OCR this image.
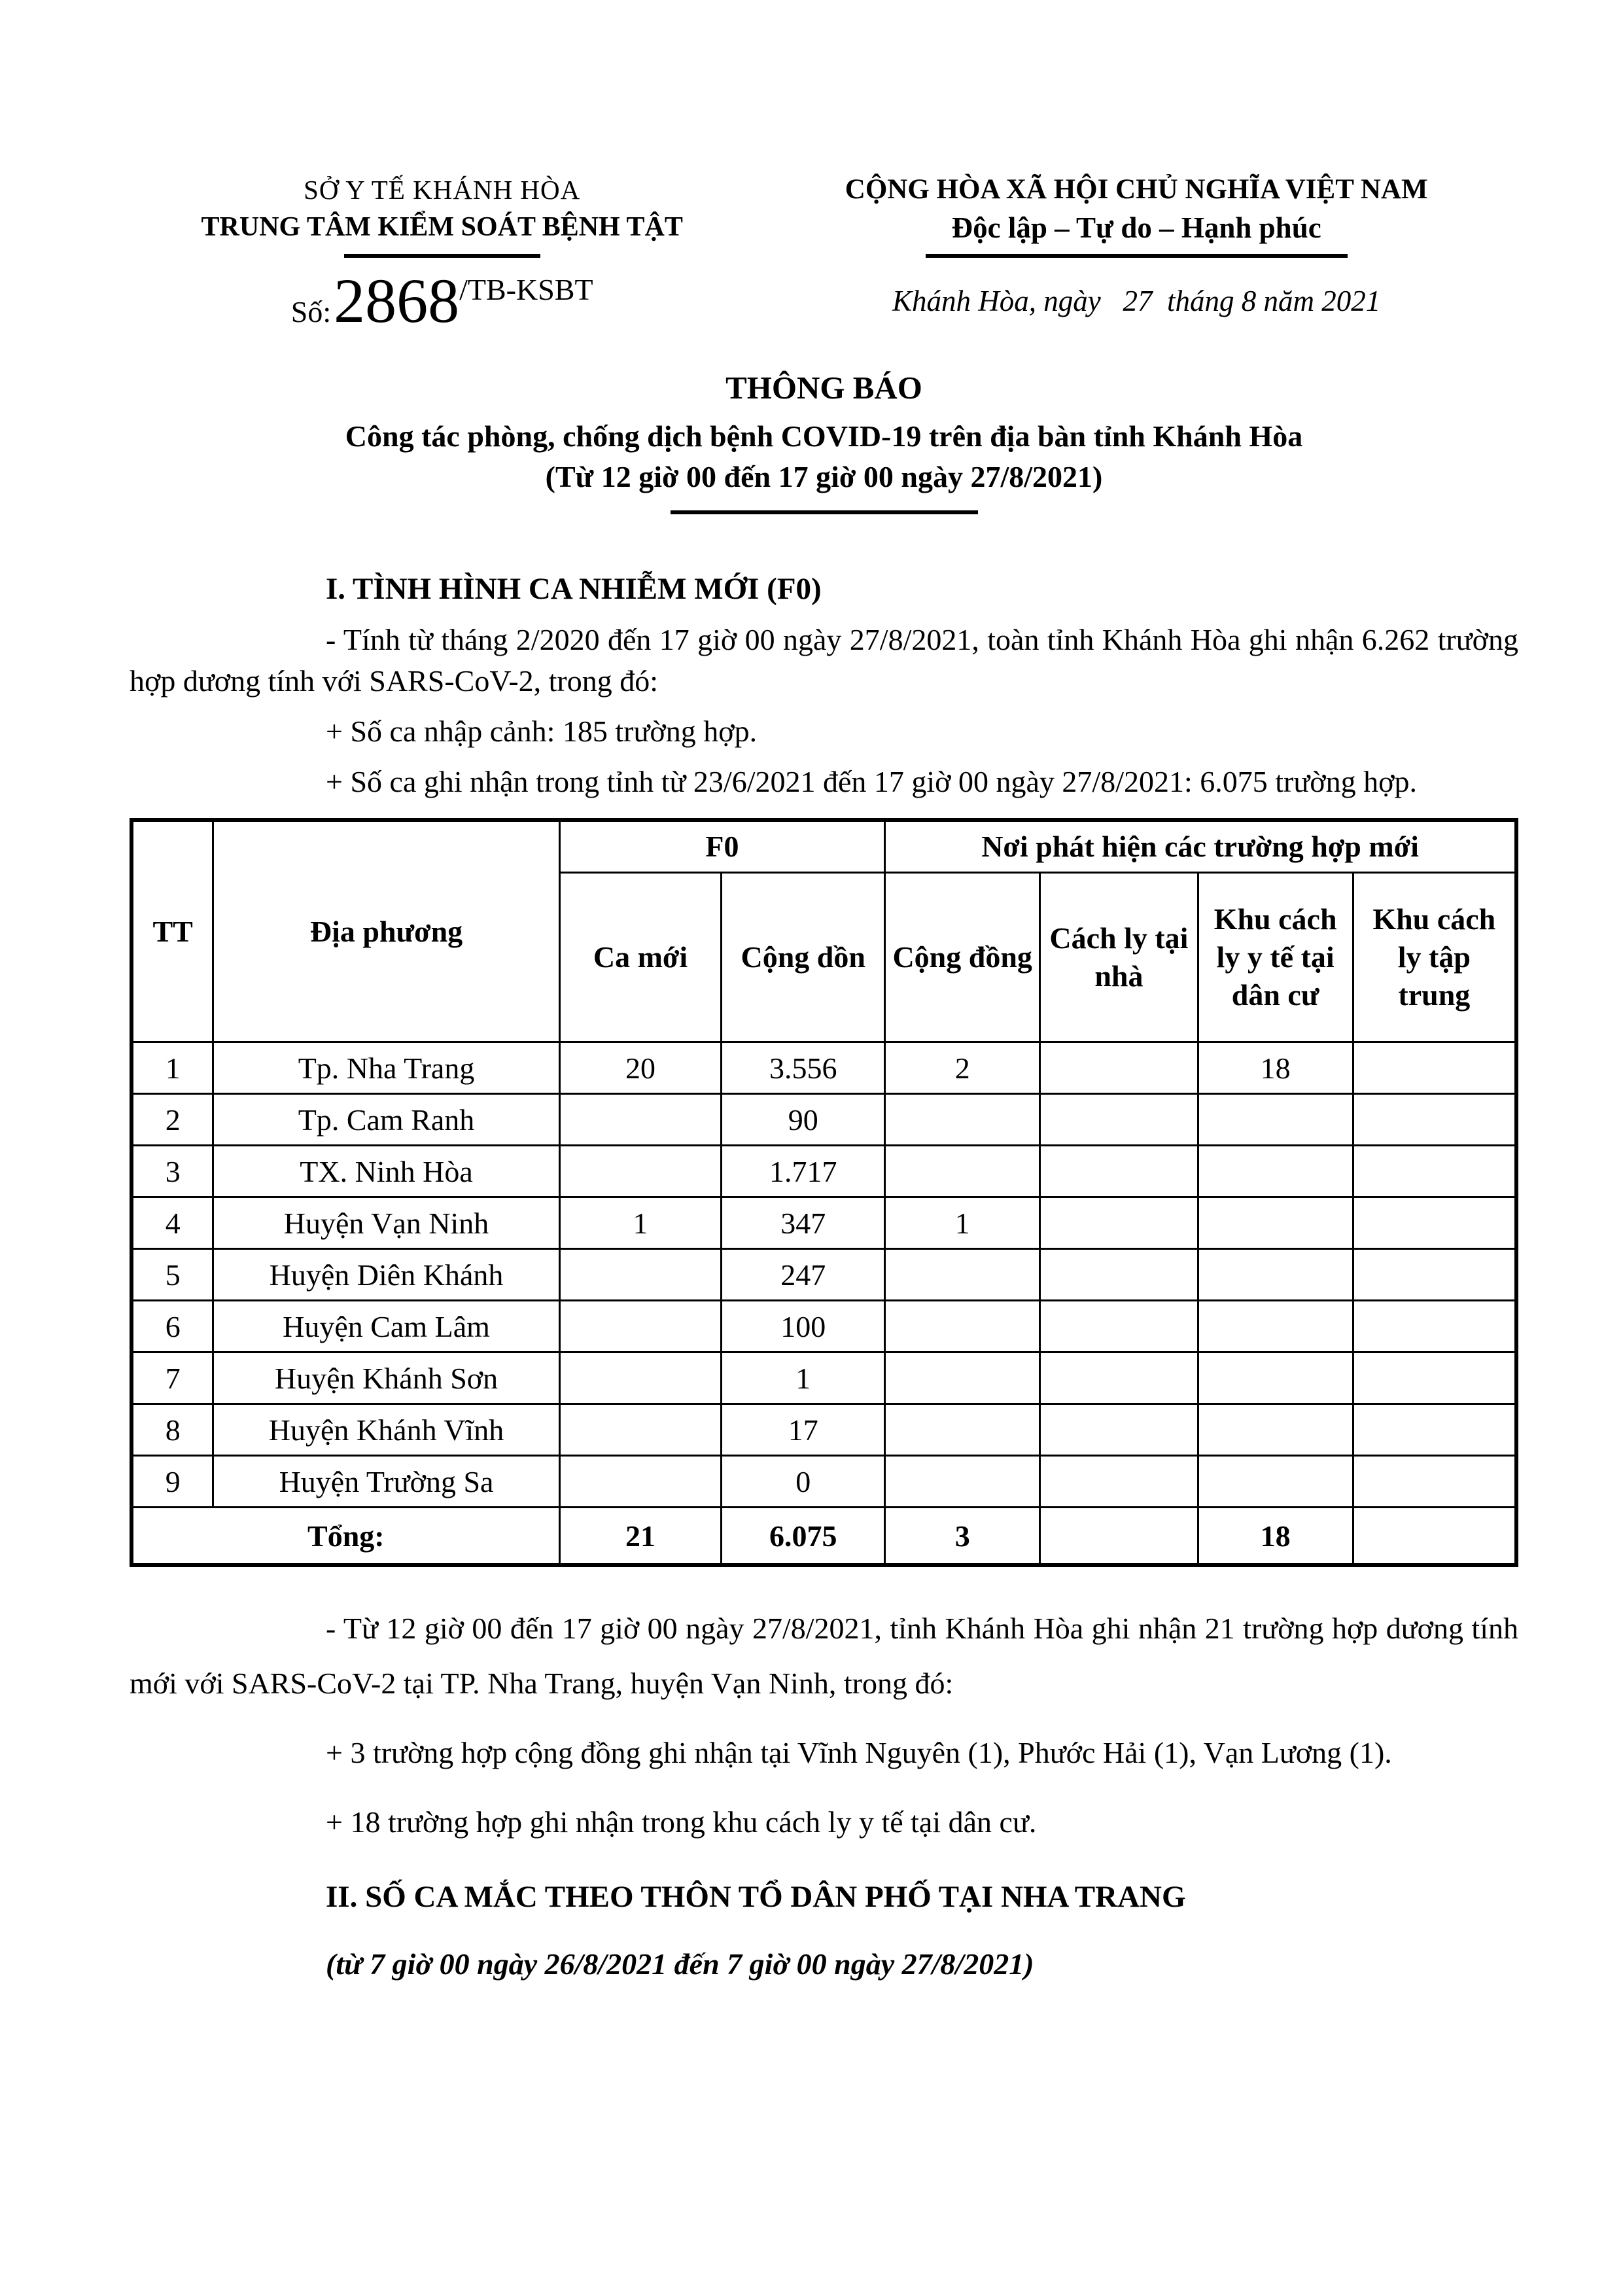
SỞ Y TẾ KHÁNH HÒA
TRUNG TÂM KIỂM SOÁT BỆNH TẬT
CỘNG HÒA XÃ HỘI CHỦ NGHĨA VIỆT NAM
Độc lập – Tự do – Hạnh phúc
Số: 2868/TB-KSBT	Khánh Hòa, ngày   27  tháng 8 năm 2021
THÔNG BÁO
Công tác phòng, chống dịch bệnh COVID-19 trên địa bàn tỉnh Khánh Hòa
(Từ 12 giờ 00 đến 17 giờ 00 ngày 27/8/2021)
I. TÌNH HÌNH CA NHIỄM MỚI (F0)

- Tính từ tháng 2/2020 đến 17 giờ 00 ngày 27/8/2021, toàn tỉnh Khánh Hòa ghi nhận 6.262 trường hợp dương tính với SARS-CoV-2, trong đó:

+ Số ca nhập cảnh: 185 trường hợp.

+ Số ca ghi nhận trong tỉnh từ 23/6/2021 đến 17 giờ 00 ngày 27/8/2021: 6.075 trường hợp.

TT	Địa phương	F0		Nơi phát hiện các trường hợp mới			
		Ca mới	Cộng dồn	Cộng đồng	Cách ly tại nhà	Khu cách ly y tế tại dân cư	Khu cách ly tập trung
1	Tp. Nha Trang	20	3.556	2		18	
2	Tp. Cam Ranh		90				
3	TX. Ninh Hòa		1.717				
4	Huyện Vạn Ninh	1	347	1			
5	Huyện Diên Khánh		247				
6	Huyện Cam Lâm		100				
7	Huyện Khánh Sơn		1				
8	Huyện Khánh Vĩnh		17				
9	Huyện Trường Sa		0				
Tổng:		21	6.075	3		18	

- Từ 12 giờ 00 đến 17 giờ 00 ngày 27/8/2021, tỉnh Khánh Hòa ghi nhận 21 trường hợp dương tính mới với SARS-CoV-2 tại TP. Nha Trang, huyện Vạn Ninh, trong đó:

+ 3 trường hợp cộng đồng ghi nhận tại Vĩnh Nguyên (1), Phước Hải (1), Vạn Lương (1).

+ 18 trường hợp ghi nhận trong khu cách ly y tế tại dân cư.

II. SỐ CA MẮC THEO THÔN TỔ DÂN PHỐ TẠI NHA TRANG
(từ 7 giờ 00 ngày 26/8/2021 đến 7 giờ 00 ngày 27/8/2021)
